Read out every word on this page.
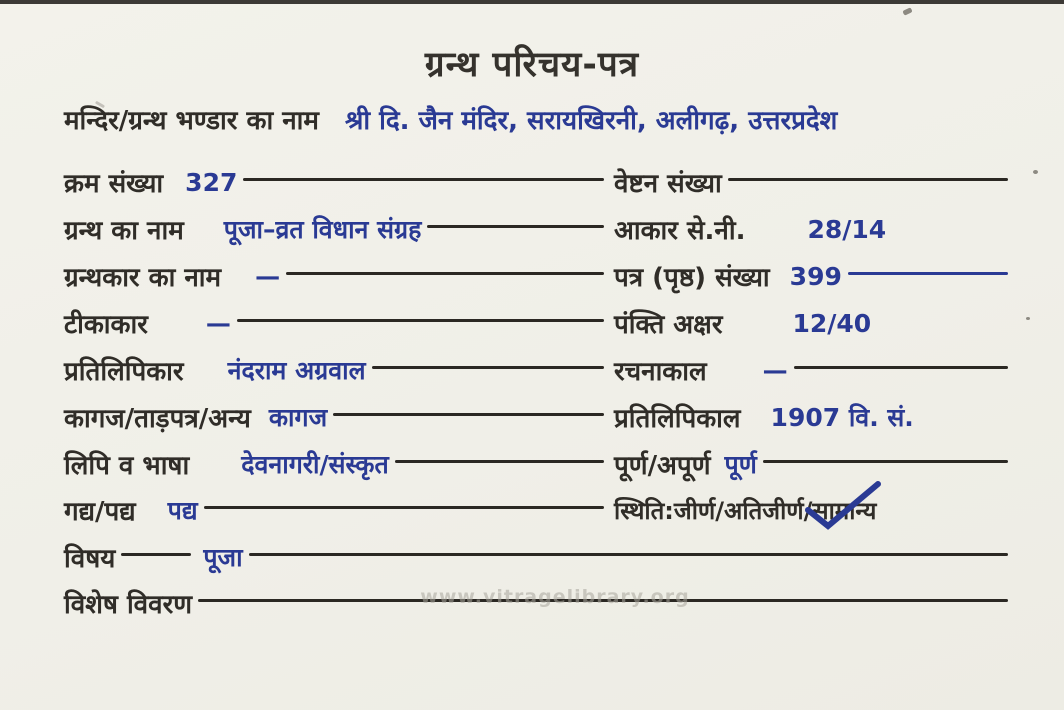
ग्रन्थ परिचय-पत्र
मन्दिर/ग्रन्थ भण्डार का नाम श्री दि. जैन मंदिर, सरायखिरनी, अलीगढ़, उत्तरप्रदेश
क्रम संख्या 327
ग्रन्थ का नाम पूजा–व्रत विधान संग्रह
ग्रन्थकार का नाम —
टीकाकार —
प्रतिलिपिकार नंदराम अग्रवाल
कागज/ताड़पत्र/अन्य कागज
लिपि व भाषा देवनागरी/संस्कृत
गद्य/पद्य पद्य
वेष्टन संख्या
आकार से.नी. 28/14
पत्र (पृष्ठ) संख्या 399
पंक्ति अक्षर	12/40
रचनाकाल —
प्रतिलिपिकाल 1907 वि. सं.
पूर्ण/अपूर्ण पूर्ण
स्थिति:जीर्ण/अतिजीर्ण/ सामान्य
विषय	पूजा
विशेष विवरण	www.vitragelibrary.org
